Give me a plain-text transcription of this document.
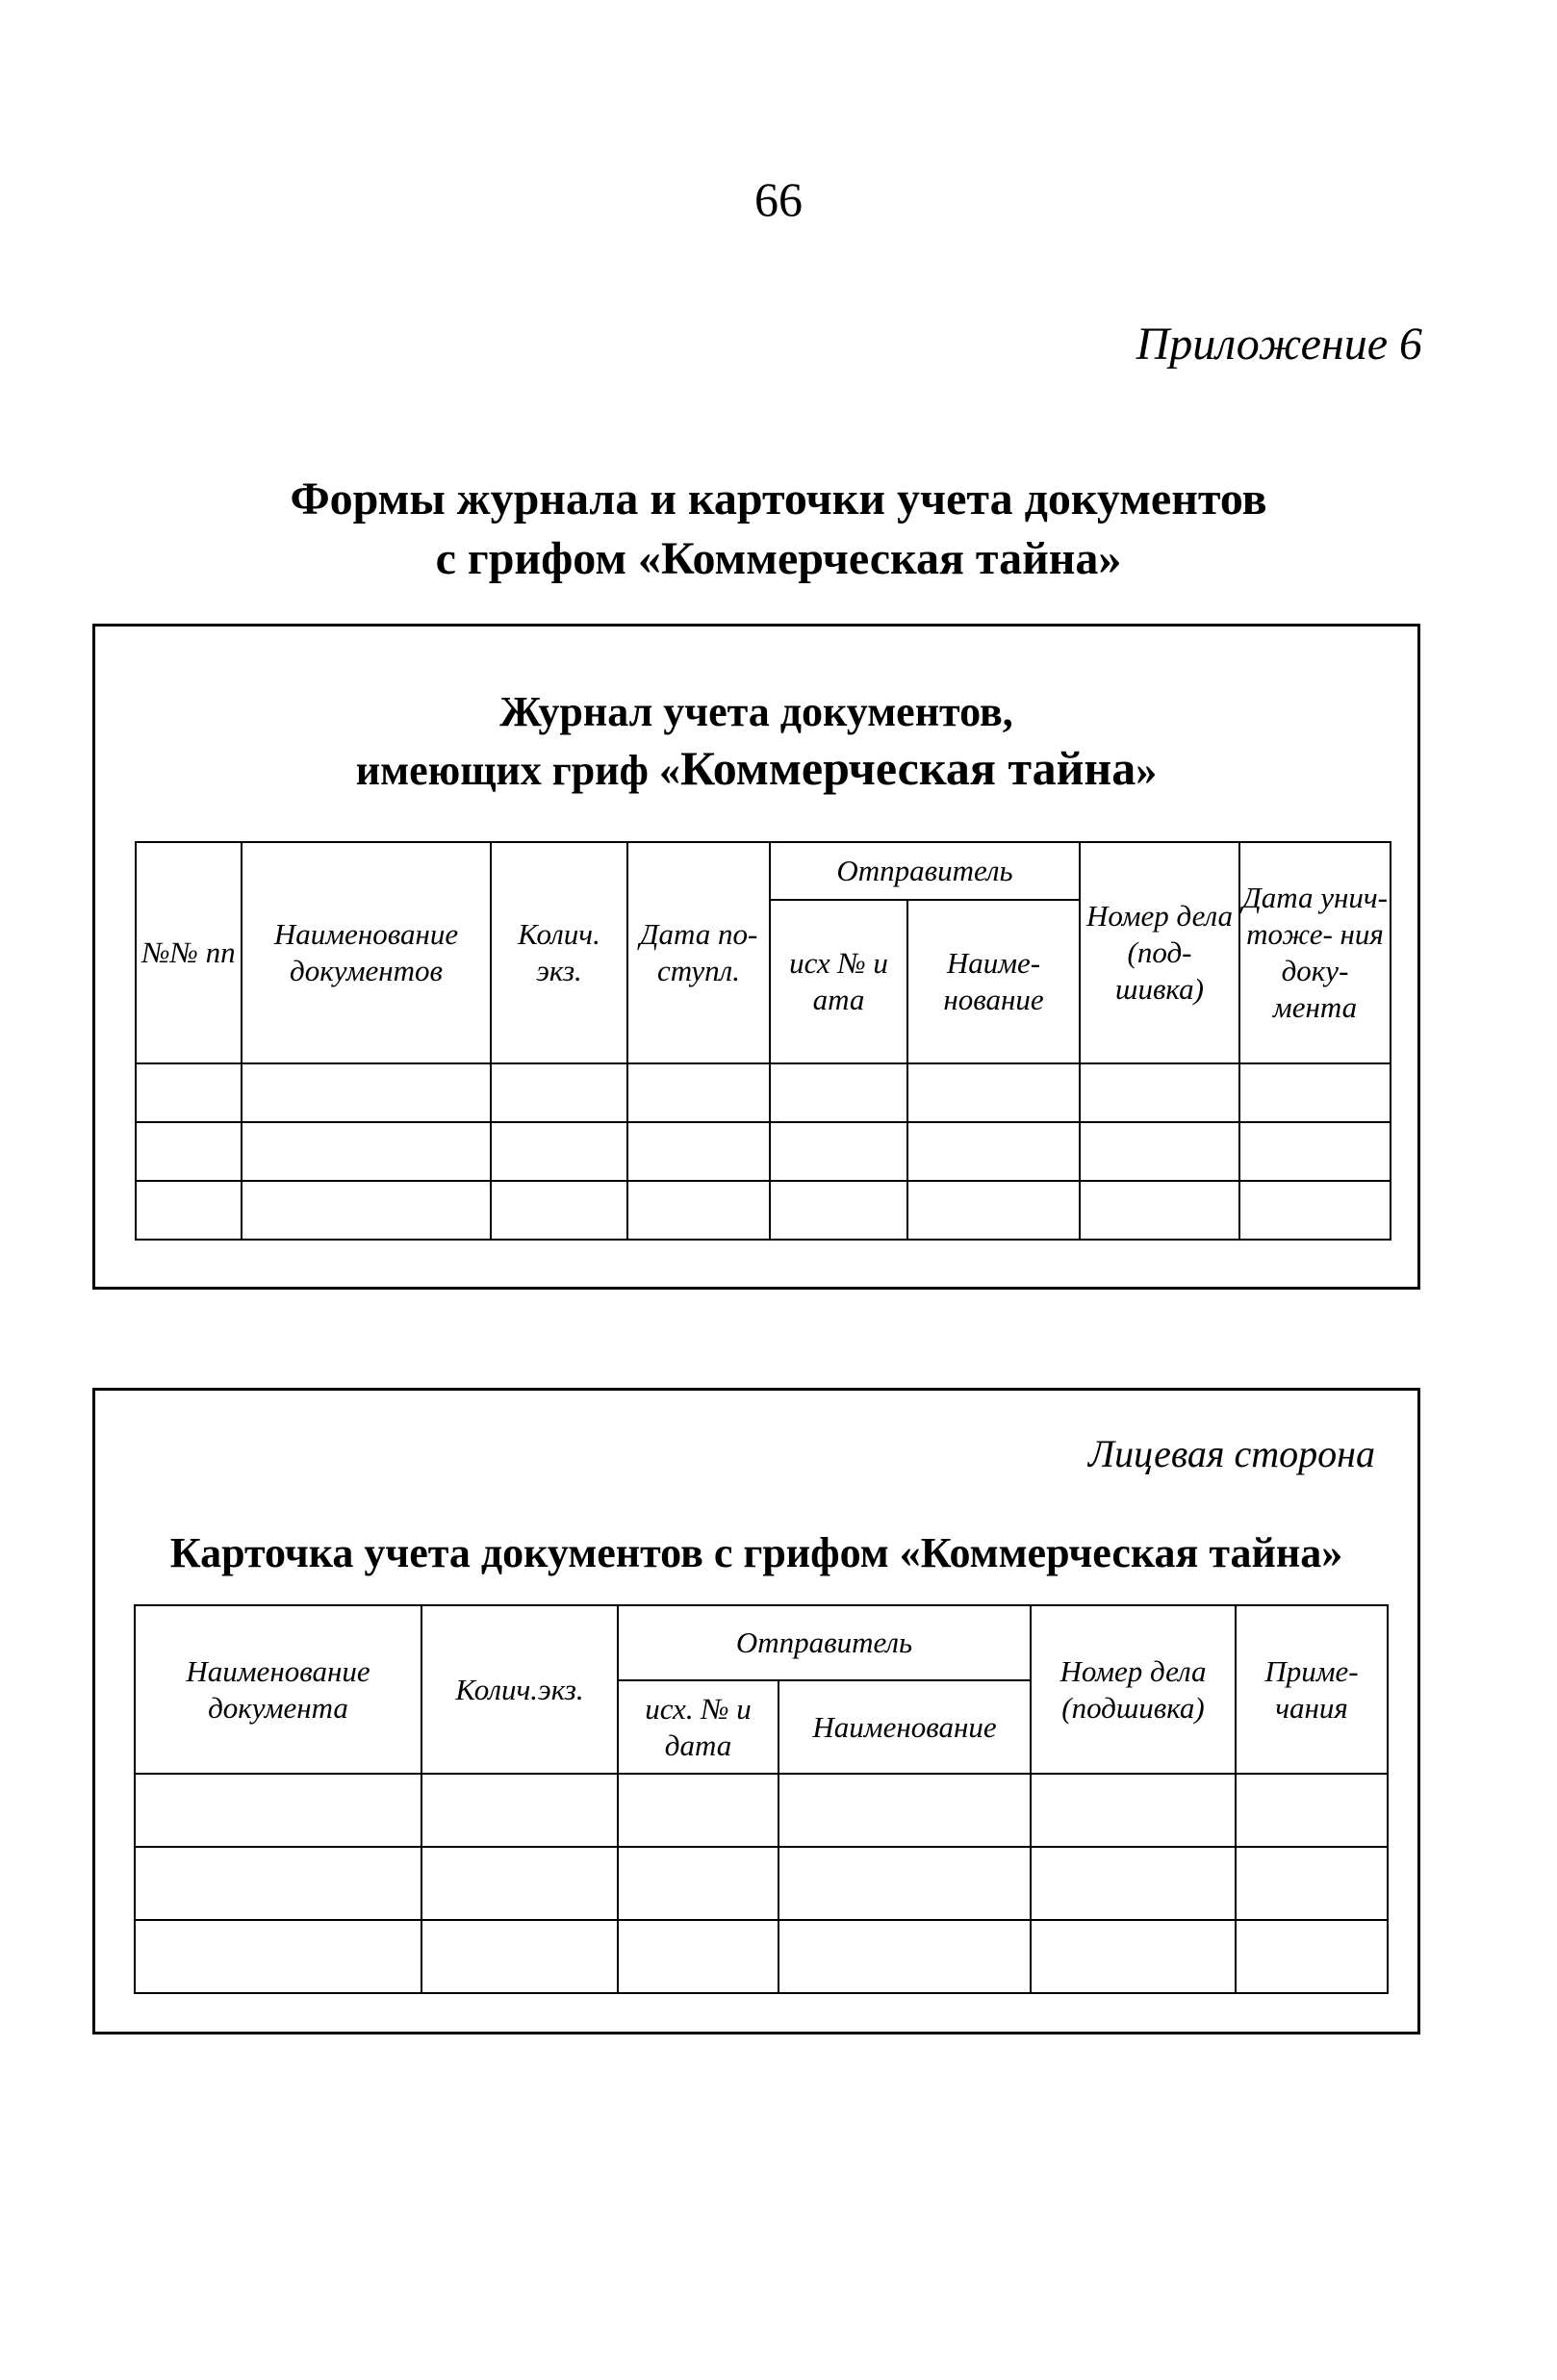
66
Приложение 6
Формы журнала и карточки учета документов
с грифом «Коммерческая тайна»
Журнал учета документов,
имеющих гриф «Коммерческая тайна»
№№ пп	Наименование документов	Колич. экз.	Дата по- ступл.	Отправитель		Номер дела (под- шивка)	Дата унич- тоже- ния доку- мента
				исх № и ата	Наиме- нование		

Лицевая сторона
Карточка учета документов с грифом «Коммерческая тайна»
Наименование документа	Колич.экз.	Отправитель		Номер дела (подшивка)	Приме- чания
		исх. № и дата	Наименование		
